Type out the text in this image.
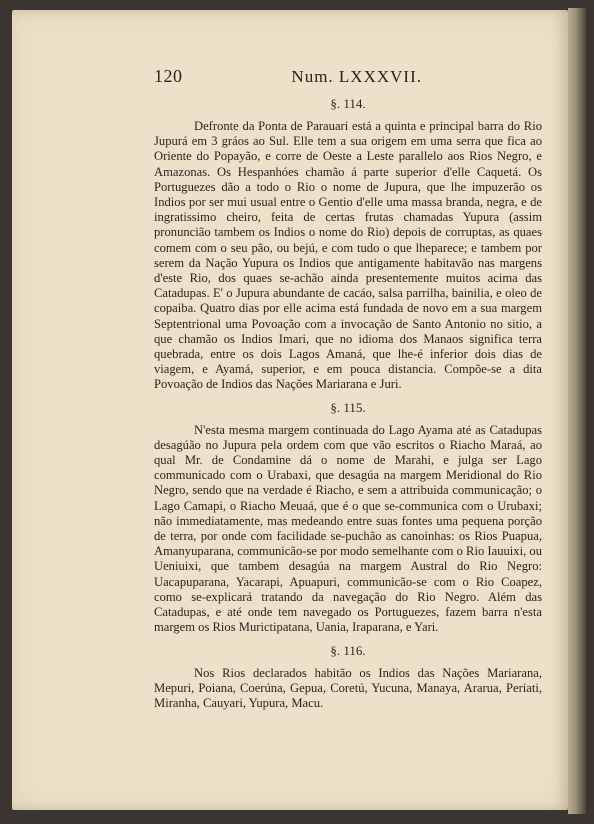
120	Num. LXXXVII.
§. 114.

Defronte da Ponta de Parauari está a quinta e principal barra do Rio Jupurá em 3 gráos ao Sul. Elle tem a sua origem em uma serra que fica ao Oriente do Popayão, e corre de Oeste a Leste parallelo aos Rios Negro, e Amazonas. Os Hespanhóes chamão á parte superior d'elle Caquetá. Os Portuguezes dão a todo o Rio o nome de Jupura, que lhe impuzerão os Indios por ser mui usual entre o Gentio d'elle uma massa branda, negra, e de ingratissimo cheiro, feita de certas frutas chamadas Yupura (assim pronuncião tambem os Indios o nome do Rio) depois de corruptas, as quaes comem com o seu pão, ou bejú, e com tudo o que lheparece; e tambem por serem da Nação Yupura os Indios que antigamente habitavão nas margens d'este Rio, dos quaes se-achão ainda presentemente muitos acima das Catadupas. E' o Jupura abundante de cacáo, salsa parrilha, bainilia, e oleo de copaiba. Quatro dias por elle acima está fundada de novo em a sua margem Septentrional uma Povoação com a invocação de Santo Antonio no sitio, a que chamão os Indios Imari, que no idioma dos Manaos significa terra quebrada, entre os dois Lagos Amaná, que lhe-é inferior dois dias de viagem, e Ayamá, superior, e em pouca distancia. Compõe-se a dita Povoação de Indios das Nações Mariarana e Juri.

§. 115.

N'esta mesma margem continuada do Lago Ayama até as Catadupas desagúão no Jupura pela ordem com que vão escritos o Riacho Maraá, ao qual Mr. de Condamine dá o nome de Marahi, e julga ser Lago communicado com o Urabaxi, que desagúa na margem Meridional do Rio Negro, sendo que na verdade é Riacho, e sem a attribuida communicação; o Lago Camapi, o Riacho Meuaá, que é o que se-communica com o Urubaxi; não immediatamente, mas medeando entre suas fontes uma pequena porção de terra, por onde com facilidade se-puchão as canoinhas: os Rios Puapua, Amanyuparana, communicão-se por modo semelhante com o Rio Iauuixi, ou Ueniuixi, que tambem desagúa na margem Austral do Rio Negro: Uacapuparana, Yacarapi, Apuapuri, communicão-se com o Rio Coapez, como se-explicará tratando da navegação do Rio Negro. Além das Catadupas, e até onde tem navegado os Portuguezes, fazem barra n'esta margem os Rios Murictipatana, Uania, Iraparana, e Yari.

§. 116.

Nos Rios declarados habitão os Indios das Nações Mariarana, Mepuri, Poiana, Coerúna, Gepua, Coretú, Yucuna, Manaya, Ararua, Periati, Miranha, Cauyari, Yupura, Macu.
